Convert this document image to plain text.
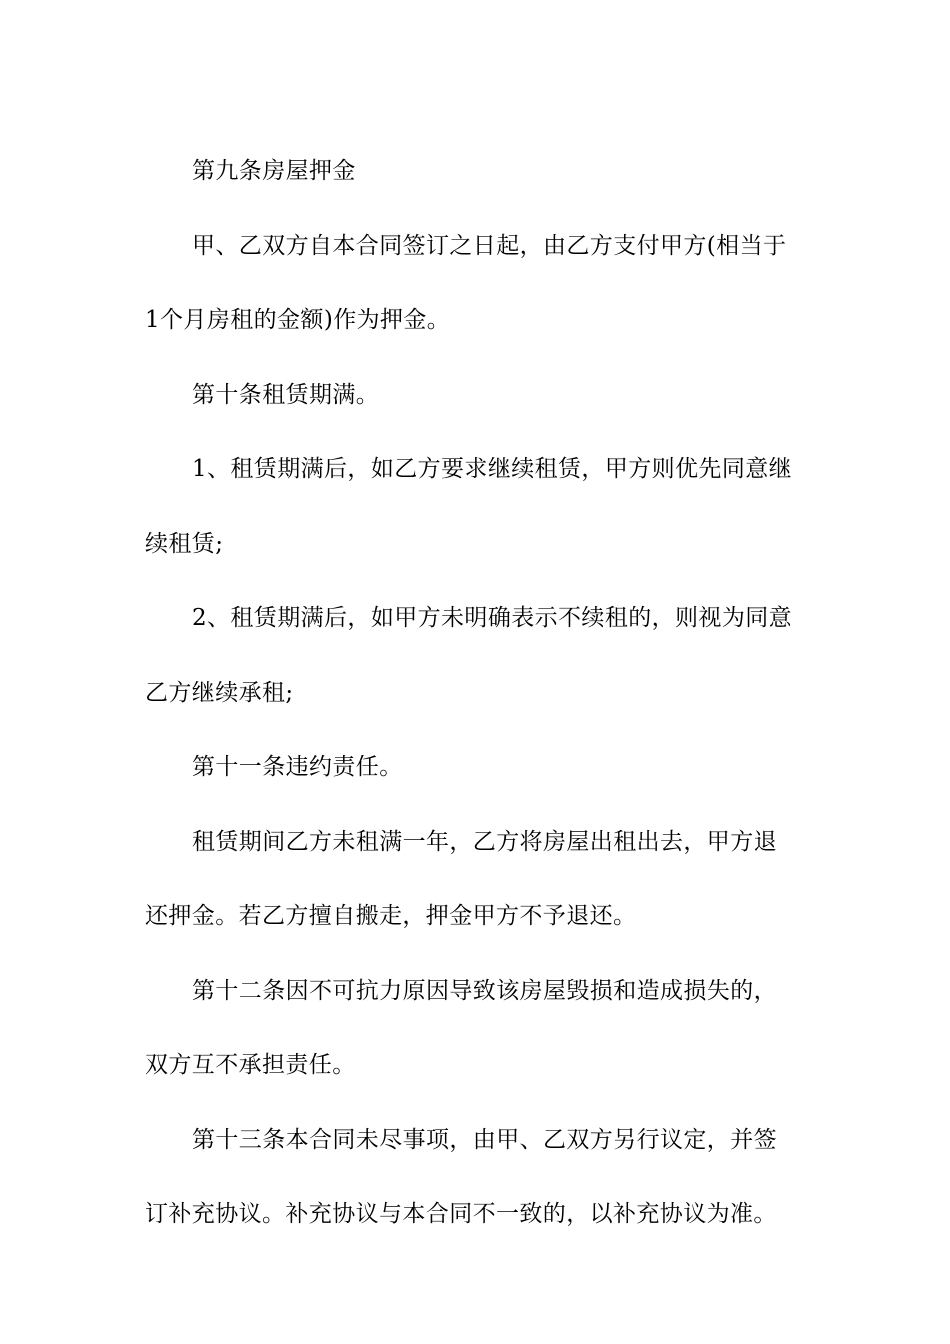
第九条房屋押金
甲、乙双方自本合同签订之日起，由乙方支付甲方(相当于
1个月房租的金额)作为押金。
第十条租赁期满。
1、租赁期满后，如乙方要求继续租赁，甲方则优先同意继
续租赁;
2、租赁期满后，如甲方未明确表示不续租的，则视为同意
乙方继续承租;
第十一条违约责任。
租赁期间乙方未租满一年，乙方将房屋出租出去，甲方退
还押金。若乙方擅自搬走，押金甲方不予退还。
第十二条因不可抗力原因导致该房屋毁损和造成损失的，
双方互不承担责任。
第十三条本合同未尽事项，由甲、乙双方另行议定，并签
订补充协议。补充协议与本合同不一致的，以补充协议为准。
